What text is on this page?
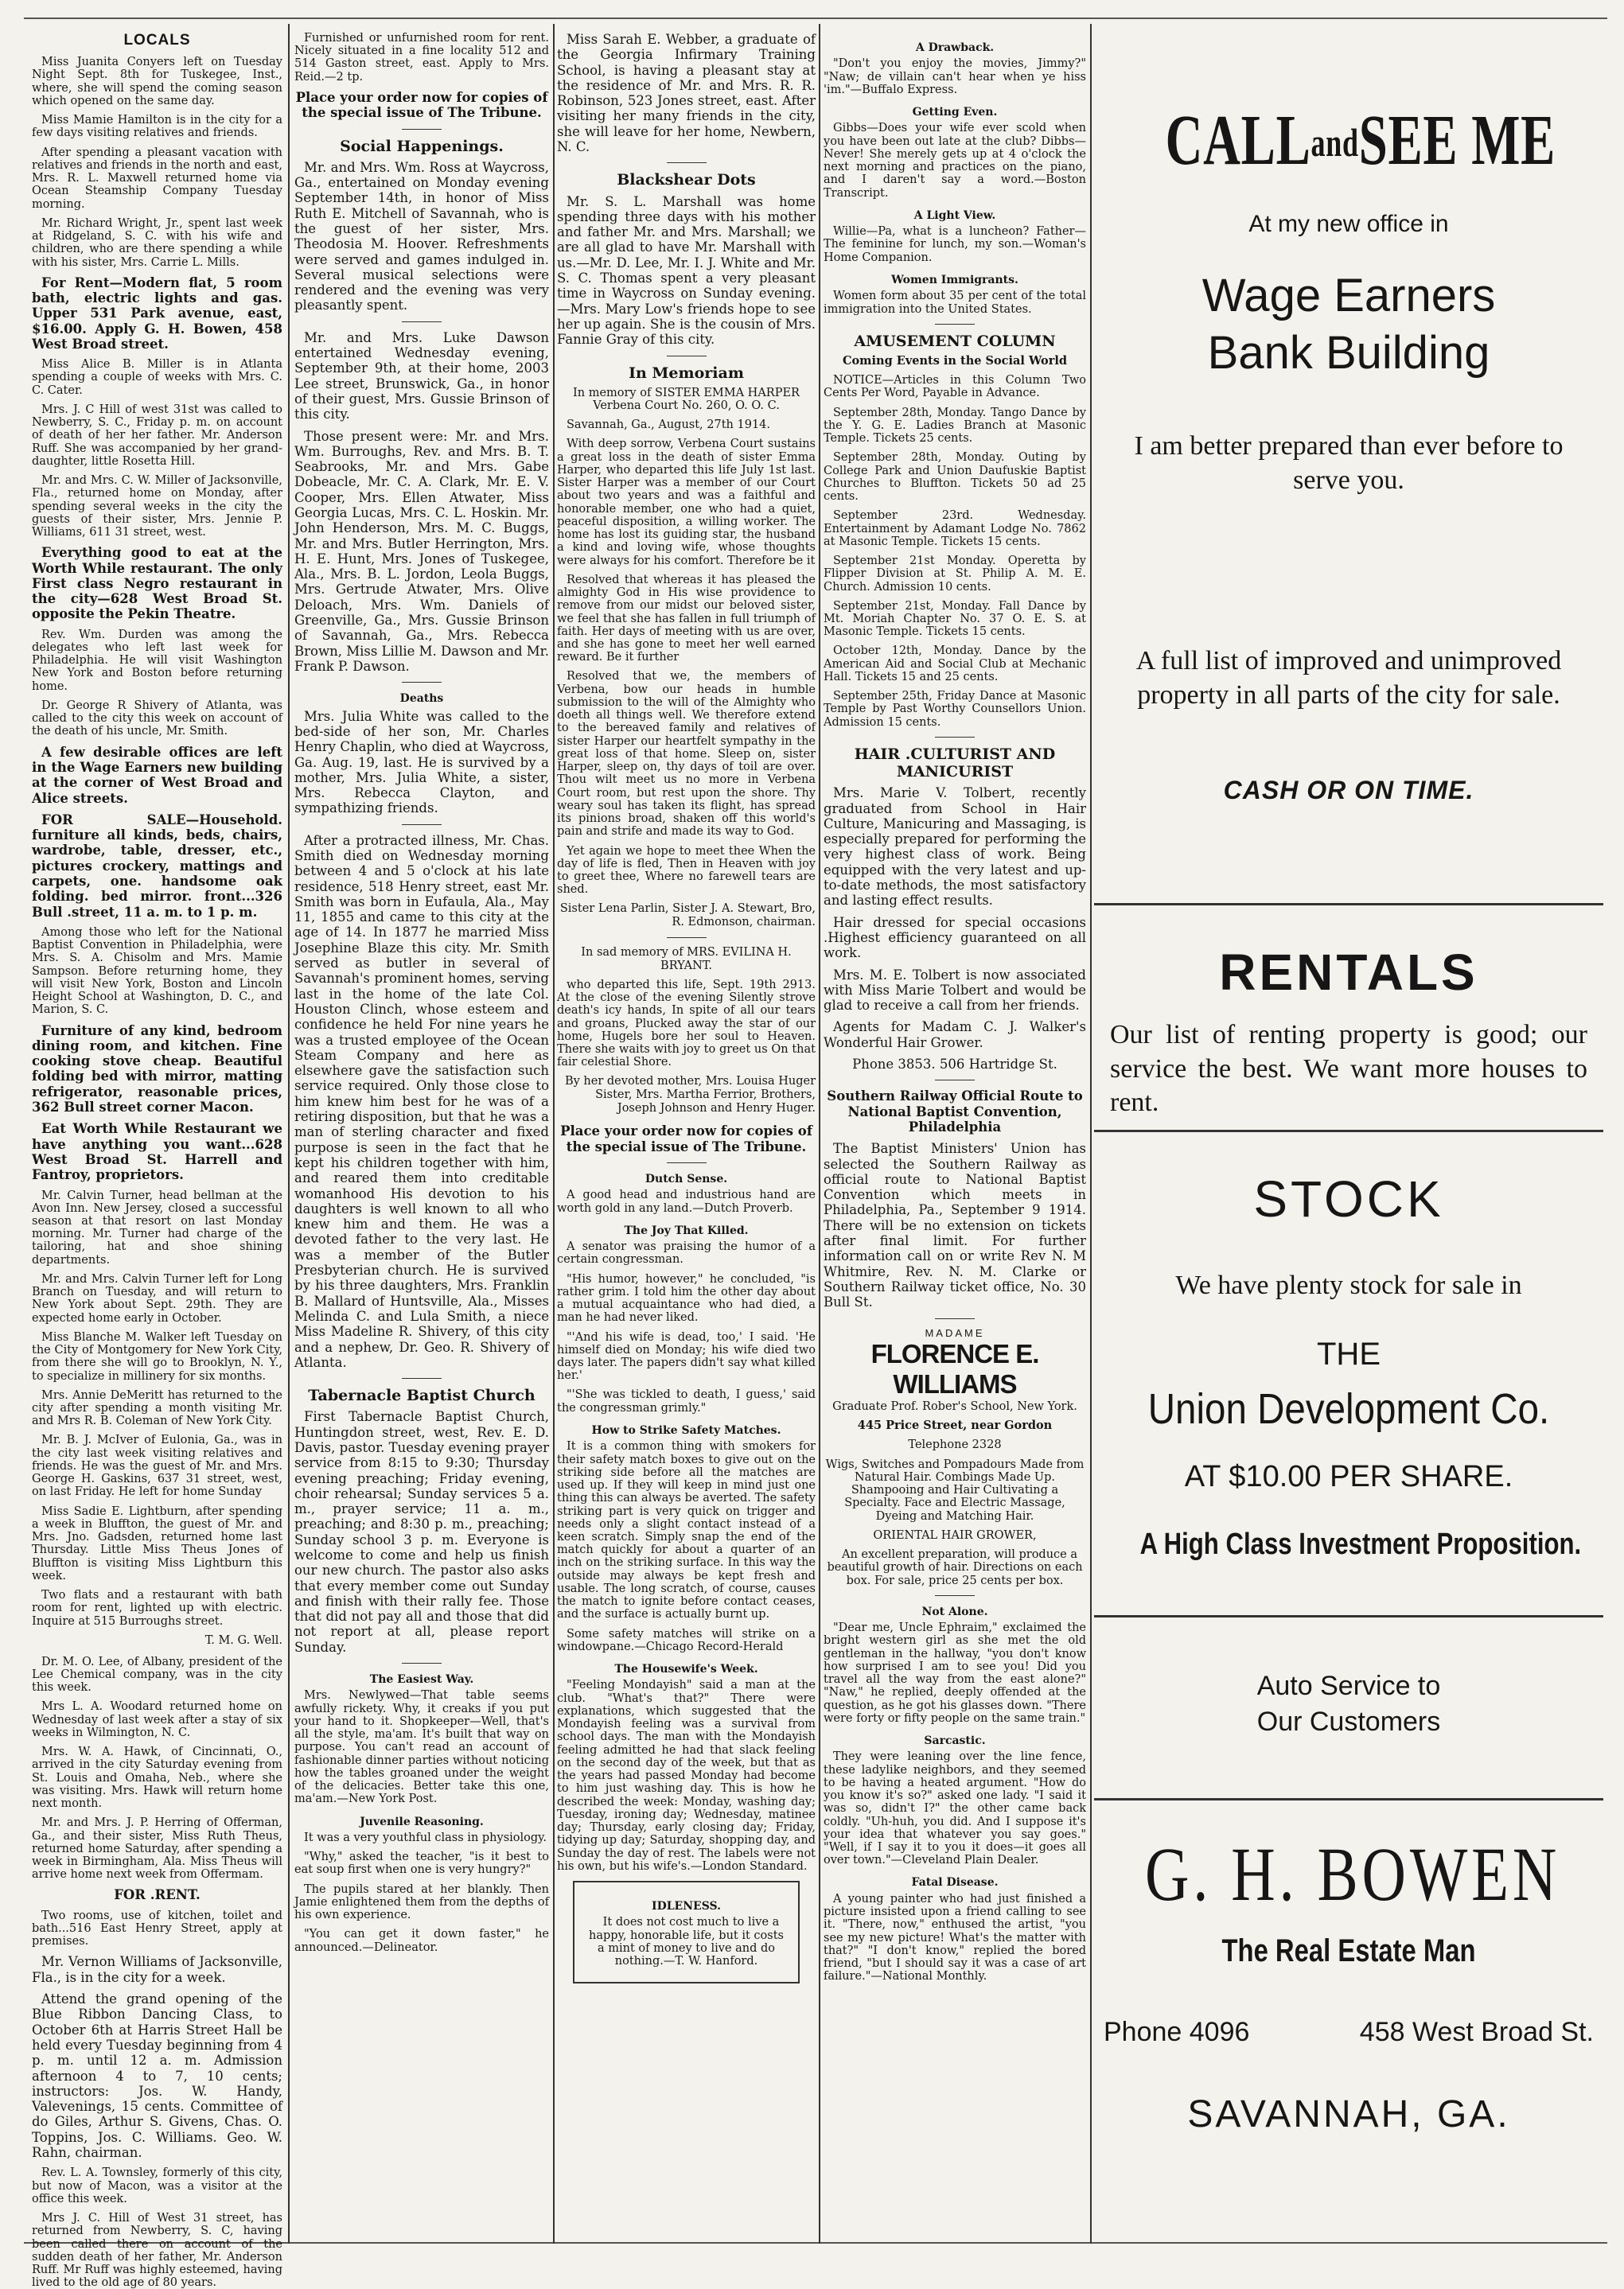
LOCALS

Miss Juanita Conyers left on Tuesday Night Sept. 8th for Tuskegee, Inst., where, she will spend the coming season which opened on the same day.

Miss Mamie Hamilton is in the city for a few days visiting relatives and friends.

After spending a pleasant vacation with relatives and friends in the north and east, Mrs. R. L. Maxwell returned home via Ocean Steamship Company Tuesday morning.

Mr. Richard Wright, Jr., spent last week at Ridgeland, S. C. with his wife and children, who are there spending a while with his sister, Mrs. Carrie L. Mills.

For Rent—Modern flat, 5 room bath, electric lights and gas. Upper 531 Park avenue, east, $16.00. Apply G. H. Bowen, 458 West Broad street.

Miss Alice B. Miller is in Atlanta spending a couple of weeks with Mrs. C. C. Cater.

Mrs. J. C Hill of west 31st was called to Newberry, S. C., Friday p. m. on account of death of her her father. Mr. Anderson Ruff. She was accompanied by her grand-daughter, little Rosetta Hill.

Mr. and Mrs. C. W. Miller of Jacksonville, Fla., returned home on Monday, after spending several weeks in the city the guests of their sister, Mrs. Jennie P. Williams, 611 31 street, west.

Everything good to eat at the Worth While restaurant. The only First class Negro restaurant in the city—628 West Broad St. opposite the Pekin Theatre.

Rev. Wm. Durden was among the delegates who left last week for Philadelphia. He will visit Washington New York and Boston before returning home.

Dr. George R Shivery of Atlanta, was called to the city this week on account of the death of his uncle, Mr. Smith.

A few desirable offices are left in the Wage Earners new building at the corner of West Broad and Alice streets.

FOR SALE—Household. furniture all kinds, beds, chairs, wardrobe, table, dresser, etc., pictures crockery, mattings and carpets, one. handsome oak folding. bed mirror. front...326 Bull .street, 11 a. m. to 1 p. m.

Among those who left for the National Baptist Convention in Philadelphia, were Mrs. S. A. Chisolm and Mrs. Mamie Sampson. Before returning home, they will visit New York, Boston and Lincoln Height School at Washington, D. C., and Marion, S. C.

Furniture of any kind, bedroom dining room, and kitchen. Fine cooking stove cheap. Beautiful folding bed with mirror, matting refrigerator, reasonable prices, 362 Bull street corner Macon.

Eat Worth While Restaurant we have anything you want...628 West Broad St. Harrell and Fantroy, proprietors.

Mr. Calvin Turner, head bellman at the Avon Inn. New Jersey, closed a successful season at that resort on last Monday morning. Mr. Turner had charge of the tailoring, hat and shoe shining departments.

Mr. and Mrs. Calvin Turner left for Long Branch on Tuesday, and will return to New York about Sept. 29th. They are expected home early in October.

Miss Blanche M. Walker left Tuesday on the City of Montgomery for New York City, from there she will go to Brooklyn, N. Y., to specialize in millinery for six months.

Mrs. Annie DeMeritt has returned to the city after spending a month visiting Mr. and Mrs R. B. Coleman of New York City.

Mr. B. J. McIver of Eulonia, Ga., was in the city last week visiting relatives and friends. He was the guest of Mr. and Mrs. George H. Gaskins, 637 31 street, west, on last Friday. He left for home Sunday

Miss Sadie E. Lightburn, after spending a week in Bluffton, the guest of Mr. and Mrs. Jno. Gadsden, returned home last Thursday. Little Miss Theus Jones of Bluffton is visiting Miss Lightburn this week.

Two flats and a restaurant with bath room for rent, lighted up with electric. Inquire at 515 Burroughs street.

T. M. G. Well.

Dr. M. O. Lee, of Albany, president of the Lee Chemical company, was in the city this week.

Mrs L. A. Woodard returned home on Wednesday of last week after a stay of six weeks in Wilmington, N. C.

Mrs. W. A. Hawk, of Cincinnati, O., arrived in the city Saturday evening from St. Louis and Omaha, Neb., where she was visiting. Mrs. Hawk will return home next month.

Mr. and Mrs. J. P. Herring of Offerman, Ga., and their sister, Miss Ruth Theus, returned home Saturday, after spending a week in Birmingham, Ala. Miss Theus will arrive home next week from Offermam.

FOR .RENT.

Two rooms, use of kitchen, toilet and bath...516 East Henry Street, apply at premises.

Mr. Vernon Williams of Jacksonville, Fla., is in the city for a week.

Attend the grand opening of the Blue Ribbon Dancing Class, to October 6th at Harris Street Hall be held every Tuesday beginning from 4 p. m. until 12 a. m. Admission afternoon 4 to 7, 10 cents; instructors: Jos. W. Handy, Valevenings, 15 cents. Committee of do Giles, Arthur S. Givens, Chas. O. Toppins, Jos. C. Williams. Geo. W. Rahn, chairman.

Rev. L. A. Townsley, formerly of this city, but now of Macon, was a visitor at the office this week.

Mrs J. C. Hill of West 31 street, has returned from Newberry, S. C, having been called there on account of the sudden death of her father, Mr. Anderson Ruff. Mr Ruff was highly esteemed, having lived to the old age of 80 years.

Furnished or unfurnished room for rent. Nicely situated in a fine locality 512 and 514 Gaston street, east. Apply to Mrs. Reid.—2 tp.

Place your order now for copies of the special issue of The Tribune.

Social Happenings.

Mr. and Mrs. Wm. Ross at Waycross, Ga., entertained on Monday evening September 14th, in honor of Miss Ruth E. Mitchell of Savannah, who is the guest of her sister, Mrs. Theodosia M. Hoover. Refreshments were served and games indulged in. Several musical selections were rendered and the evening was very pleasantly spent.

Mr. and Mrs. Luke Dawson entertained Wednesday evening, September 9th, at their home, 2003 Lee street, Brunswick, Ga., in honor of their guest, Mrs. Gussie Brinson of this city.

Those present were: Mr. and Mrs. Wm. Burroughs, Rev. and Mrs. B. T. Seabrooks, Mr. and Mrs. Gabe Dobeacle, Mr. C. A. Clark, Mr. E. V. Cooper, Mrs. Ellen Atwater, Miss Georgia Lucas, Mrs. C. L. Hoskin. Mr. John Henderson, Mrs. M. C. Buggs, Mr. and Mrs. Butler Herrington, Mrs. H. E. Hunt, Mrs. Jones of Tuskegee, Ala., Mrs. B. L. Jordon, Leola Buggs, Mrs. Gertrude Atwater, Mrs. Olive Deloach, Mrs. Wm. Daniels of Greenville, Ga., Mrs. Gussie Brinson of Savannah, Ga., Mrs. Rebecca Brown, Miss Lillie M. Dawson and Mr. Frank P. Dawson.

Deaths

Mrs. Julia White was called to the bed-side of her son, Mr. Charles Henry Chaplin, who died at Waycross, Ga. Aug. 19, last. He is survived by a mother, Mrs. Julia White, a sister, Mrs. Rebecca Clayton, and sympathizing friends.

After a protracted illness, Mr. Chas. Smith died on Wednesday morning between 4 and 5 o'clock at his late residence, 518 Henry street, east Mr. Smith was born in Eufaula, Ala., May 11, 1855 and came to this city at the age of 14. In 1877 he married Miss Josephine Blaze this city. Mr. Smith served as butler in several of Savannah's prominent homes, serving last in the home of the late Col. Houston Clinch, whose esteem and confidence he held For nine years he was a trusted employee of the Ocean Steam Company and here as elsewhere gave the satisfaction such service required. Only those close to him knew him best for he was of a retiring disposition, but that he was a man of sterling character and fixed purpose is seen in the fact that he kept his children together with him, and reared them into creditable womanhood His devotion to his daughters is well known to all who knew him and them. He was a devoted father to the very last. He was a member of the Butler Presbyterian church. He is survived by his three daughters, Mrs. Franklin B. Mallard of Huntsville, Ala., Misses Melinda C. and Lula Smith, a niece Miss Madeline R. Shivery, of this city and a nephew, Dr. Geo. R. Shivery of Atlanta.

Tabernacle Baptist Church

First Tabernacle Baptist Church, Huntingdon street, west, Rev. E. D. Davis, pastor. Tuesday evening prayer service from 8:15 to 9:30; Thursday evening preaching; Friday evening, choir rehearsal; Sunday services 5 a. m., prayer service; 11 a. m., preaching; and 8:30 p. m., preaching; Sunday school 3 p. m. Everyone is welcome to come and help us finish our new church. The pastor also asks that every member come out Sunday and finish with their rally fee. Those that did not pay all and those that did not report at all, please report Sunday.

The Easiest Way.

Mrs. Newlywed—That table seems awfully rickety. Why, it creaks if you put your hand to it. Shopkeeper—Well, that's all the style, ma'am. It's built that way on purpose. You can't read an account of fashionable dinner parties without noticing how the tables groaned under the weight of the delicacies. Better take this one, ma'am.—New York Post.

Juvenile Reasoning.

It was a very youthful class in physiology.

"Why," asked the teacher, "is it best to eat soup first when one is very hungry?"

The pupils stared at her blankly. Then Jamie enlightened them from the depths of his own experience.

"You can get it down faster," he announced.—Delineator.

Miss Sarah E. Webber, a graduate of the Georgia Infirmary Training School, is having a pleasant stay at the residence of Mr. and Mrs. R. R. Robinson, 523 Jones street, east. After visiting her many friends in the city, she will leave for her home, Newbern, N. C.

Blackshear Dots

Mr. S. L. Marshall was home spending three days with his mother and father Mr. and Mrs. Marshall; we are all glad to have Mr. Marshall with us.—Mr. D. Lee, Mr. I. J. White and Mr. S. C. Thomas spent a very pleasant time in Waycross on Sunday evening.—Mrs. Mary Low's friends hope to see her up again. She is the cousin of Mrs. Fannie Gray of this city.

In Memoriam

In memory of SISTER EMMA HARPER Verbena Court No. 260, O. O. C.

Savannah, Ga., August, 27th 1914.

With deep sorrow, Verbena Court sustains a great loss in the death of sister Emma Harper, who departed this life July 1st last. Sister Harper was a member of our Court about two years and was a faithful and honorable member, one who had a quiet, peaceful disposition, a willing worker. The home has lost its guiding star, the husband a kind and loving wife, whose thoughts were always for his comfort. Therefore be it

Resolved that whereas it has pleased the almighty God in His wise providence to remove from our midst our beloved sister, we feel that she has fallen in full triumph of faith. Her days of meeting with us are over, and she has gone to meet her well earned reward. Be it further

Resolved that we, the members of Verbena, bow our heads in humble submission to the will of the Almighty who doeth all things well. We therefore extend to the bereaved family and relatives of sister Harper our heartfelt sympathy in the great loss of that home. Sleep on, sister Harper, sleep on, thy days of toil are over. Thou wilt meet us no more in Verbena Court room, but rest upon the shore. Thy weary soul has taken its flight, has spread its pinions broad, shaken off this world's pain and strife and made its way to God.

Yet again we hope to meet thee When the day of life is fled, Then in Heaven with joy to greet thee, Where no farewell tears are shed.

Sister Lena Parlin, Sister J. A. Stewart, Bro, R. Edmonson, chairman.

In sad memory of MRS. EVILINA H. BRYANT.

who departed this life, Sept. 19th 2913. At the close of the evening Silently strove death's icy hands, In spite of all our tears and groans, Plucked away the star of our home, Hugels bore her soul to Heaven. There she waits with joy to greet us On that fair celestial Shore.

By her devoted mother, Mrs. Louisa Huger Sister, Mrs. Martha Ferrior, Brothers, Joseph Johnson and Henry Huger.

Place your order now for copies of the special issue of The Tribune.

Dutch Sense.

A good head and industrious hand are worth gold in any land.—Dutch Proverb.

The Joy That Killed.

A senator was praising the humor of a certain congressman.

"His humor, however," he concluded, "is rather grim. I told him the other day about a mutual acquaintance who had died, a man he had never liked.

"'And his wife is dead, too,' I said. 'He himself died on Monday; his wife died two days later. The papers didn't say what killed her.'

"'She was tickled to death, I guess,' said the congressman grimly."

How to Strike Safety Matches.

It is a common thing with smokers for their safety match boxes to give out on the striking side before all the matches are used up. If they will keep in mind just one thing this can always be averted. The safety striking part is very quick on trigger and needs only a slight contact instead of a keen scratch. Simply snap the end of the match quickly for about a quarter of an inch on the striking surface. In this way the outside may always be kept fresh and usable. The long scratch, of course, causes the match to ignite before contact ceases, and the surface is actually burnt up.

Some safety matches will strike on a windowpane.—Chicago Record-Herald

The Housewife's Week.

"Feeling Mondayish" said a man at the club. "What's that?" There were explanations, which suggested that the Mondayish feeling was a survival from school days. The man with the Mondayish feeling admitted he had that slack feeling on the second day of the week, but that as the years had passed Monday had become to him just washing day. This is how he described the week: Monday, washing day; Tuesday, ironing day; Wednesday, matinee day; Thursday, early closing day; Friday, tidying up day; Saturday, shopping day, and Sunday the day of rest. The labels were not his own, but his wife's.—London Standard.

IDLENESS.

It does not cost much to live a happy, honorable life, but it costs a mint of money to live and do nothing.—T. W. Hanford.

A Drawback.

"Don't you enjoy the movies, Jimmy?" "Naw; de villain can't hear when ye hiss 'im."—Buffalo Express.

Getting Even.

Gibbs—Does your wife ever scold when you have been out late at the club? Dibbs—Never! She merely gets up at 4 o'clock the next morning and practices on the piano, and I daren't say a word.—Boston Transcript.

A Light View.

Willie—Pa, what is a luncheon? Father—The feminine for lunch, my son.—Woman's Home Companion.

Women Immigrants.

Women form about 35 per cent of the total immigration into the United States.

AMUSEMENT COLUMN

Coming Events in the Social World

NOTICE—Articles in this Column Two Cents Per Word, Payable in Advance.

September 28th, Monday. Tango Dance by the Y. G. E. Ladies Branch at Masonic Temple. Tickets 25 cents.

September 28th, Monday. Outing by College Park and Union Daufuskie Baptist Churches to Bluffton. Tickets 50 ad 25 cents.

September 23rd. Wednesday. Entertainment by Adamant Lodge No. 7862 at Masonic Temple. Tickets 15 cents.

September 21st Monday. Operetta by Flipper Division at St. Philip A. M. E. Church. Admission 10 cents.

September 21st, Monday. Fall Dance by Mt. Moriah Chapter No. 37 O. E. S. at Masonic Temple. Tickets 15 cents.

October 12th, Monday. Dance by the American Aid and Social Club at Mechanic Hall. Tickets 15 and 25 cents.

September 25th, Friday Dance at Masonic Temple by Past Worthy Counsellors Union. Admission 15 cents.

HAIR .CULTURIST AND MANICURIST

Mrs. Marie V. Tolbert, recently graduated from School in Hair Culture, Manicuring and Massaging, is especially prepared for performing the very highest class of work. Being equipped with the very latest and up-to-date methods, the most satisfactory and lasting effect results.

Hair dressed for special occasions .Highest efficiency guaranteed on all work.

Mrs. M. E. Tolbert is now associated with Miss Marie Tolbert and would be glad to receive a call from her friends.

Agents for Madam C. J. Walker's Wonderful Hair Grower.

Phone 3853. 506 Hartridge St.

Southern Railway Official Route to National Baptist Convention, Philadelphia

The Baptist Ministers' Union has selected the Southern Railway as official route to National Baptist Convention which meets in Philadelphia, Pa., September 9 1914. There will be no extension on tickets after final limit. For further information call on or write Rev N. M Whitmire, Rev. N. M. Clarke or Southern Railway ticket office, No. 30 Bull St.

MADAME
FLORENCE E. WILLIAMS

Graduate Prof. Rober's School, New York.

445 Price Street, near Gordon

Telephone 2328

Wigs, Switches and Pompadours Made from Natural Hair. Combings Made Up. Shampooing and Hair Cultivating a Specialty. Face and Electric Massage, Dyeing and Matching Hair.

ORIENTAL HAIR GROWER,

An excellent preparation, will produce a beautiful growth of hair. Directions on each box. For sale, price 25 cents per box.

Not Alone.

"Dear me, Uncle Ephraim," exclaimed the bright western girl as she met the old gentleman in the hallway, "you don't know how surprised I am to see you! Did you travel all the way from the east alone?" "Naw," he replied, deeply offended at the question, as he got his glasses down. "There were forty or fifty people on the same train."

Sarcastic.

They were leaning over the line fence, these ladylike neighbors, and they seemed to be having a heated argument. "How do you know it's so?" asked one lady. "I said it was so, didn't I?" the other came back coldly. "Uh-huh, you did. And I suppose it's your idea that whatever you say goes." "Well, if I say it to you it does—it goes all over town."—Cleveland Plain Dealer.

Fatal Disease.

A young painter who had just finished a picture insisted upon a friend calling to see it. "There, now," enthused the artist, "you see my new picture! What's the matter with that?" "I don't know," replied the bored friend, "but I should say it was a case of art failure."—National Monthly.

CALLandSEE ME
At my new office in
Wage Earners
Bank Building
I am better prepared than ever before to serve you.
A full list of improved and unimproved property in all parts of the city for sale.
CASH OR ON TIME.
RENTALS
Our list of renting property is good; our service the best. We want more houses to rent.
STOCK
We have plenty stock for sale in
THE
Union Development Co.
AT $10.00 PER SHARE.
A High Class Investment Proposition.
Auto Service to
Our Customers
G. H. BOWEN
The Real Estate Man
Phone 4096	458 West Broad St.
SAVANNAH, GA.
